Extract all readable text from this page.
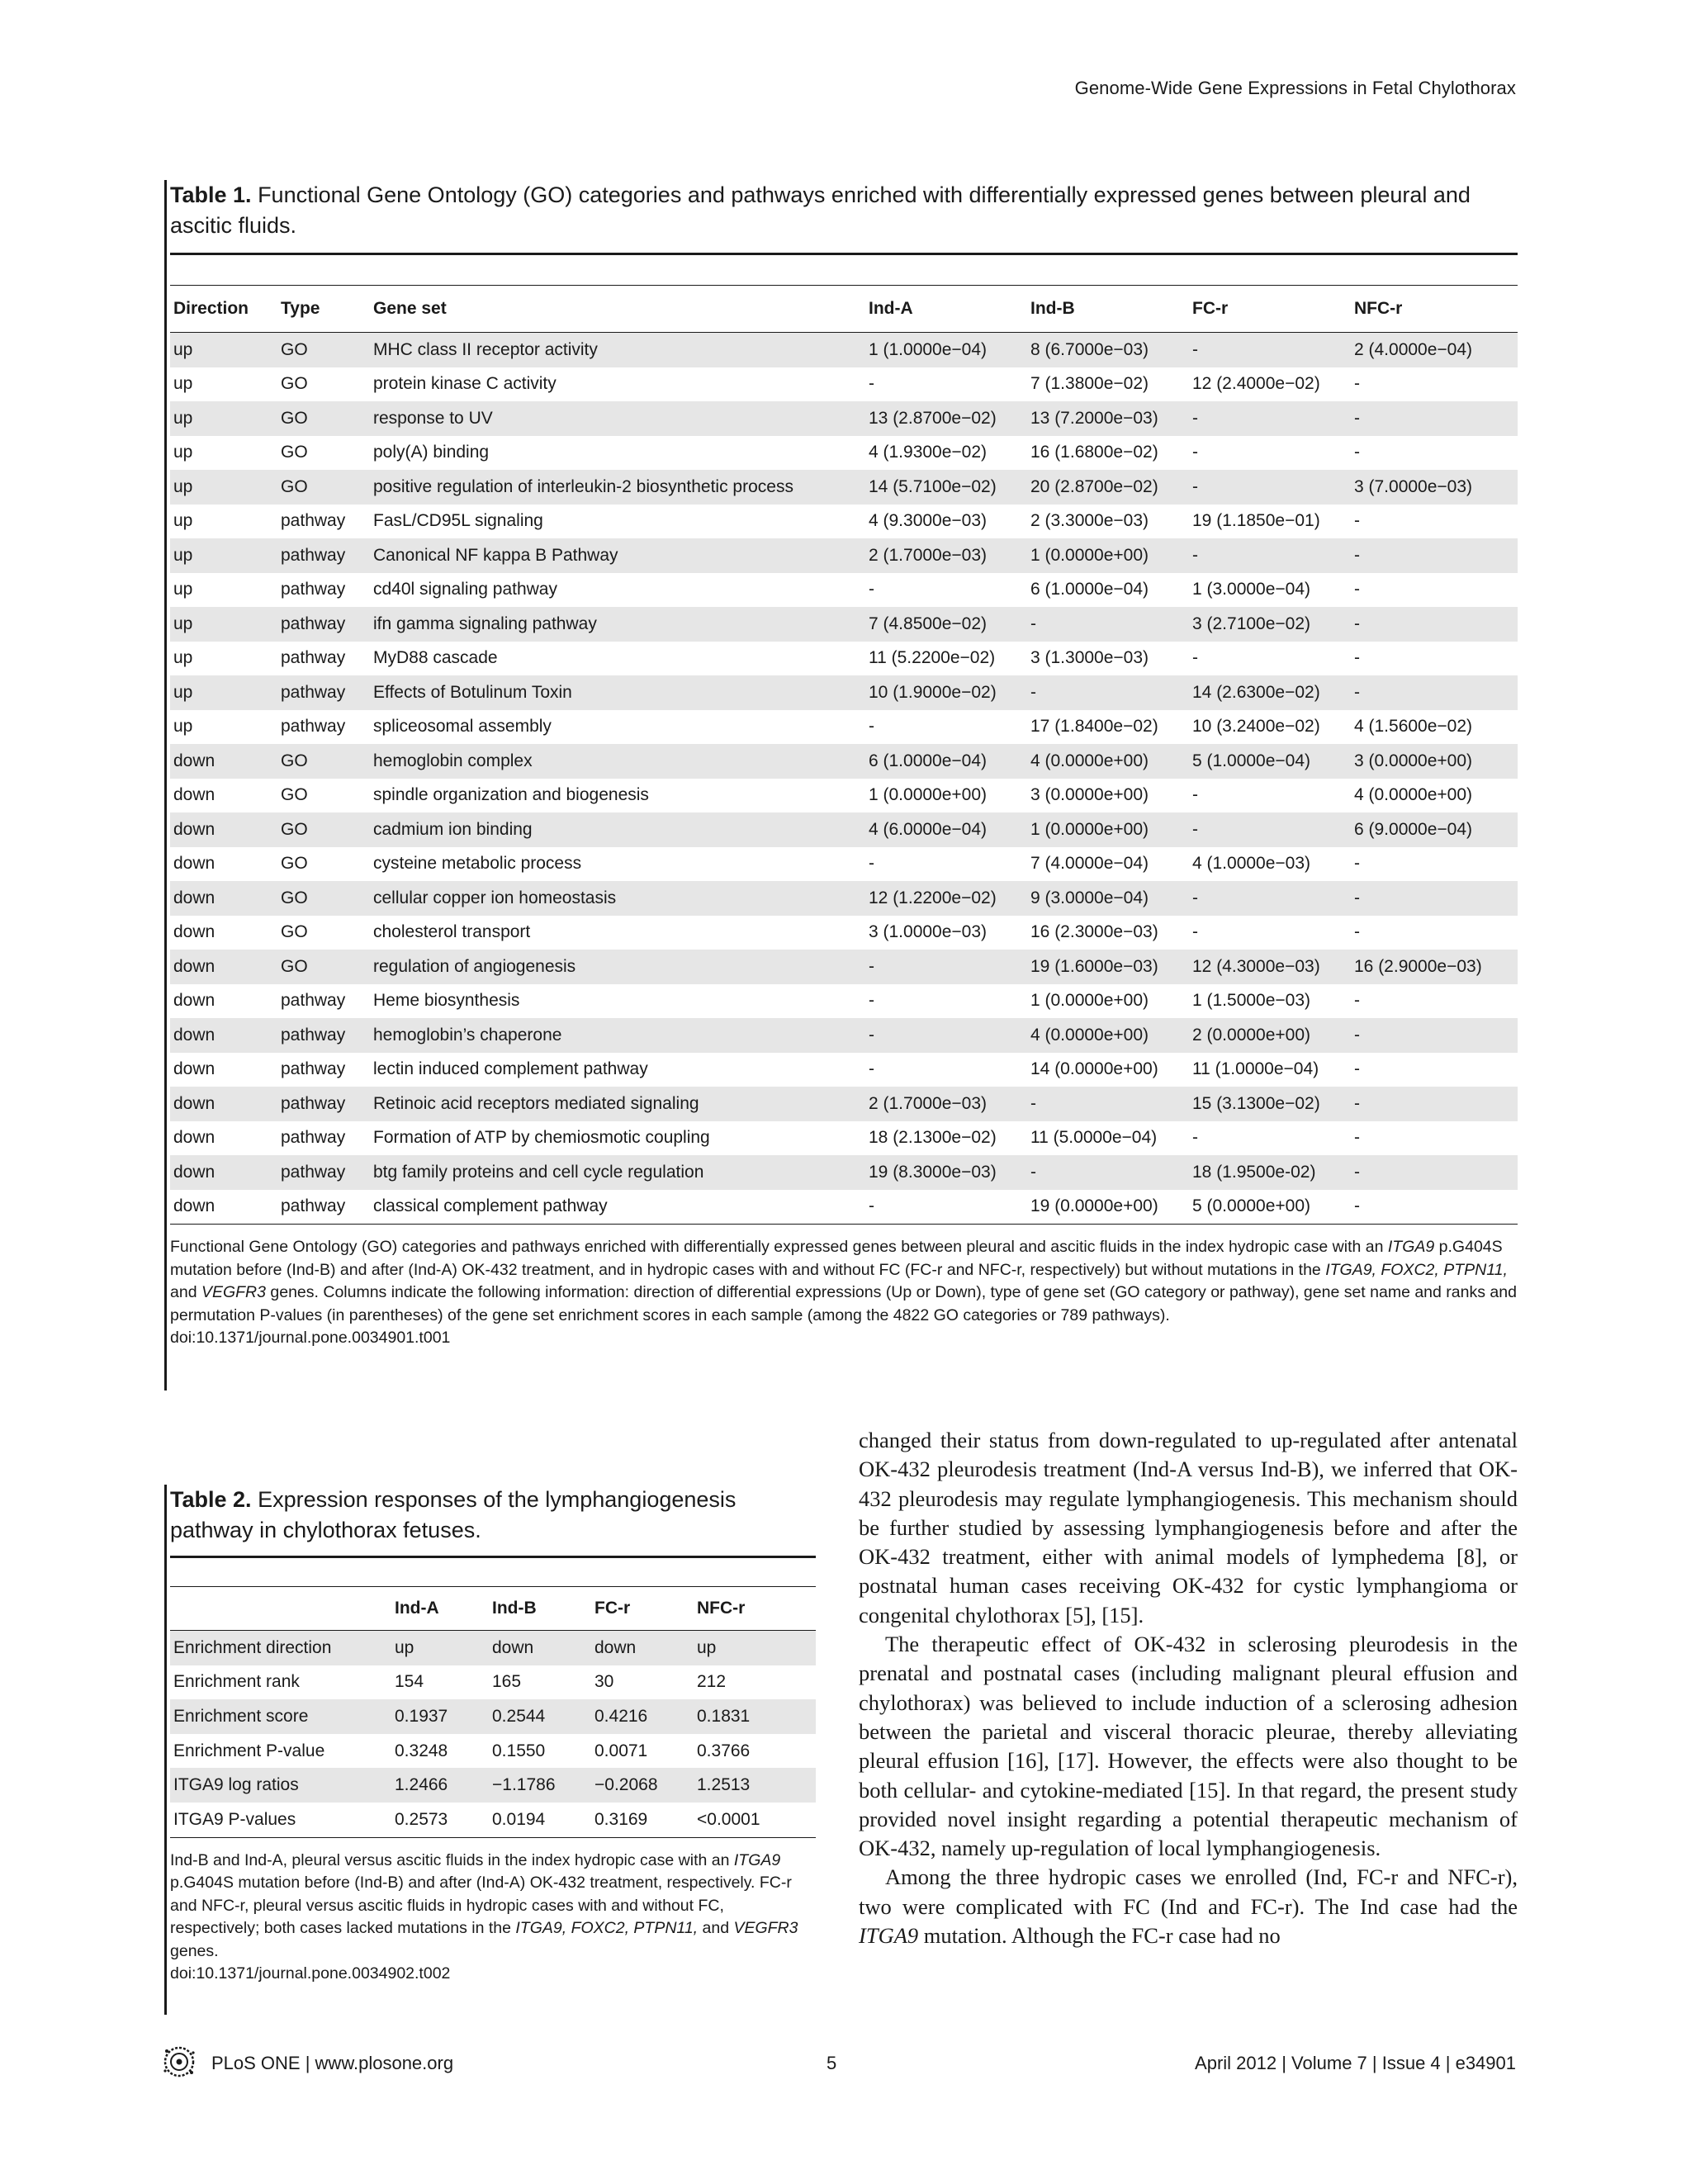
Genome-Wide Gene Expressions in Fetal Chylothorax

Table 1. Functional Gene Ontology (GO) categories and pathways enriched with differentially expressed genes between pleural and ascitic fluids.

Direction	Type	Gene set	Ind-A	Ind-B	FC-r	NFC-r
up	GO	MHC class II receptor activity	1 (1.0000e−04)	8 (6.7000e−03)	-	2 (4.0000e−04)
up	GO	protein kinase C activity	-	7 (1.3800e−02)	12 (2.4000e−02)	-
up	GO	response to UV	13 (2.8700e−02)	13 (7.2000e−03)	-	-
up	GO	poly(A) binding	4 (1.9300e−02)	16 (1.6800e−02)	-	-
up	GO	positive regulation of interleukin-2 biosynthetic process	14 (5.7100e−02)	20 (2.8700e−02)	-	3 (7.0000e−03)
up	pathway	FasL/CD95L signaling	4 (9.3000e−03)	2 (3.3000e−03)	19 (1.1850e−01)	-
up	pathway	Canonical NF kappa B Pathway	2 (1.7000e−03)	1 (0.0000e+00)	-	-
up	pathway	cd40l signaling pathway	-	6 (1.0000e−04)	1 (3.0000e−04)	-
up	pathway	ifn gamma signaling pathway	7 (4.8500e−02)	-	3 (2.7100e−02)	-
up	pathway	MyD88 cascade	11 (5.2200e−02)	3 (1.3000e−03)	-	-
up	pathway	Effects of Botulinum Toxin	10 (1.9000e−02)	-	14 (2.6300e−02)	-
up	pathway	spliceosomal assembly	-	17 (1.8400e−02)	10 (3.2400e−02)	4 (1.5600e−02)
down	GO	hemoglobin complex	6 (1.0000e−04)	4 (0.0000e+00)	5 (1.0000e−04)	3 (0.0000e+00)
down	GO	spindle organization and biogenesis	1 (0.0000e+00)	3 (0.0000e+00)	-	4 (0.0000e+00)
down	GO	cadmium ion binding	4 (6.0000e−04)	1 (0.0000e+00)	-	6 (9.0000e−04)
down	GO	cysteine metabolic process	-	7 (4.0000e−04)	4 (1.0000e−03)	-
down	GO	cellular copper ion homeostasis	12 (1.2200e−02)	9 (3.0000e−04)	-	-
down	GO	cholesterol transport	3 (1.0000e−03)	16 (2.3000e−03)	-	-
down	GO	regulation of angiogenesis	-	19 (1.6000e−03)	12 (4.3000e−03)	16 (2.9000e−03)
down	pathway	Heme biosynthesis	-	1 (0.0000e+00)	1 (1.5000e−03)	-
down	pathway	hemoglobin’s chaperone	-	4 (0.0000e+00)	2 (0.0000e+00)	-
down	pathway	lectin induced complement pathway	-	14 (0.0000e+00)	11 (1.0000e−04)	-
down	pathway	Retinoic acid receptors mediated signaling	2 (1.7000e−03)	-	15 (3.1300e−02)	-
down	pathway	Formation of ATP by chemiosmotic coupling	18 (2.1300e−02)	11 (5.0000e−04)	-	-
down	pathway	btg family proteins and cell cycle regulation	19 (8.3000e−03)	-	18 (1.9500e-02)	-
down	pathway	classical complement pathway	-	19 (0.0000e+00)	5 (0.0000e+00)	-
Functional Gene Ontology (GO) categories and pathways enriched with differentially expressed genes between pleural and ascitic fluids in the index hydropic case with an ITGA9 p.G404S mutation before (Ind-B) and after (Ind-A) OK-432 treatment, and in hydropic cases with and without FC (FC-r and NFC-r, respectively) but without mutations in the ITGA9, FOXC2, PTPN11, and VEGFR3 genes. Columns indicate the following information: direction of differential expressions (Up or Down), type of gene set (GO category or pathway), gene set name and ranks and permutation P-values (in parentheses) of the gene set enrichment scores in each sample (among the 4822 GO categories or 789 pathways).
doi:10.1371/journal.pone.0034901.t001

Table 2. Expression responses of the lymphangiogenesis pathway in chylothorax fetuses.

	Ind-A	Ind-B	FC-r	NFC-r
Enrichment direction	up	down	down	up
Enrichment rank	154	165	30	212
Enrichment score	0.1937	0.2544	0.4216	0.1831
Enrichment P-value	0.3248	0.1550	0.0071	0.3766
ITGA9 log ratios	1.2466	−1.1786	−0.2068	1.2513
ITGA9 P-values	0.2573	0.0194	0.3169	<0.0001
Ind-B and Ind-A, pleural versus ascitic fluids in the index hydropic case with an ITGA9 p.G404S mutation before (Ind-B) and after (Ind-A) OK-432 treatment, respectively. FC-r and NFC-r, pleural versus ascitic fluids in hydropic cases with and without FC, respectively; both cases lacked mutations in the ITGA9, FOXC2, PTPN11, and VEGFR3 genes.
doi:10.1371/journal.pone.0034902.t002

changed their status from down-regulated to up-regulated after antenatal OK-432 pleurodesis treatment (Ind-A versus Ind-B), we inferred that OK-432 pleurodesis may regulate lymphangiogenesis. This mechanism should be further studied by assessing lymphangiogenesis before and after the OK-432 treatment, either with animal models of lymphedema [8], or postnatal human cases receiving OK-432 for cystic lymphangioma or congenital chylothorax [5], [15].

The therapeutic effect of OK-432 in sclerosing pleurodesis in the prenatal and postnatal cases (including malignant pleural effusion and chylothorax) was believed to include induction of a sclerosing adhesion between the parietal and visceral thoracic pleurae, thereby alleviating pleural effusion [16], [17]. However, the effects were also thought to be both cellular- and cytokine-mediated [15]. In that regard, the present study provided novel insight regarding a potential therapeutic mechanism of OK-432, namely up-regulation of local lymphangiogenesis.

Among the three hydropic cases we enrolled (Ind, FC-r and NFC-r), two were complicated with FC (Ind and FC-r). The Ind case had the ITGA9 mutation. Although the FC-r case had no

PLoS ONE | www.plosone.org	5	April 2012 | Volume 7 | Issue 4 | e34901
